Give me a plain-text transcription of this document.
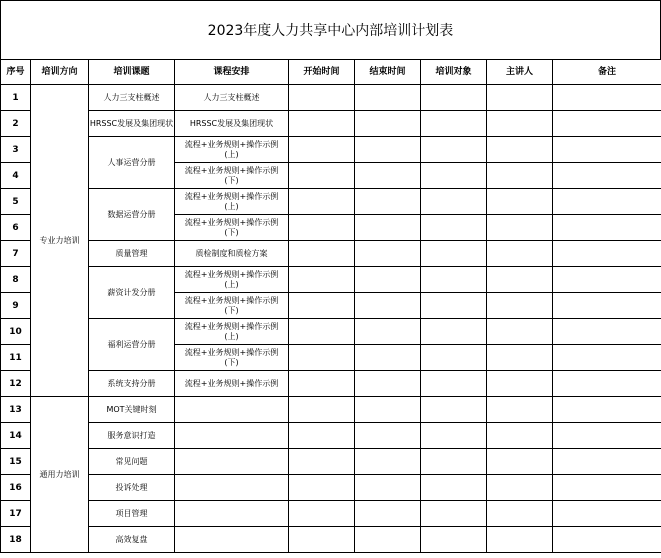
2023年度人力共享中心内部培训计划表
序号	培训方向	培训课题	课程安排	开始时间	结束时间	培训对象	主讲人	备注
1	专业力培训	人力三支柱概述	人力三支柱概述					
2		HRSSC发展及集团现状	HRSSC发展及集团现状					
3		人事运营分册	流程+业务规则+操作示例
(上)					
4			流程+业务规则+操作示例
(下)					
5		数据运营分册	流程+业务规则+操作示例
(上)					
6			流程+业务规则+操作示例
(下)					
7		质量管理	质检制度和质检方案					
8		薪资计发分册	流程+业务规则+操作示例
(上)					
9			流程+业务规则+操作示例
(下)					
10		福利运营分册	流程+业务规则+操作示例
(上)					
11			流程+业务规则+操作示例
(下)					
12		系统支持分册	流程+业务规则+操作示例					
13	通用力培训	MOT关键时刻						
14		服务意识打造						
15		常见问题						
16		投诉处理						
17		项目管理						
18		高效复盘						
